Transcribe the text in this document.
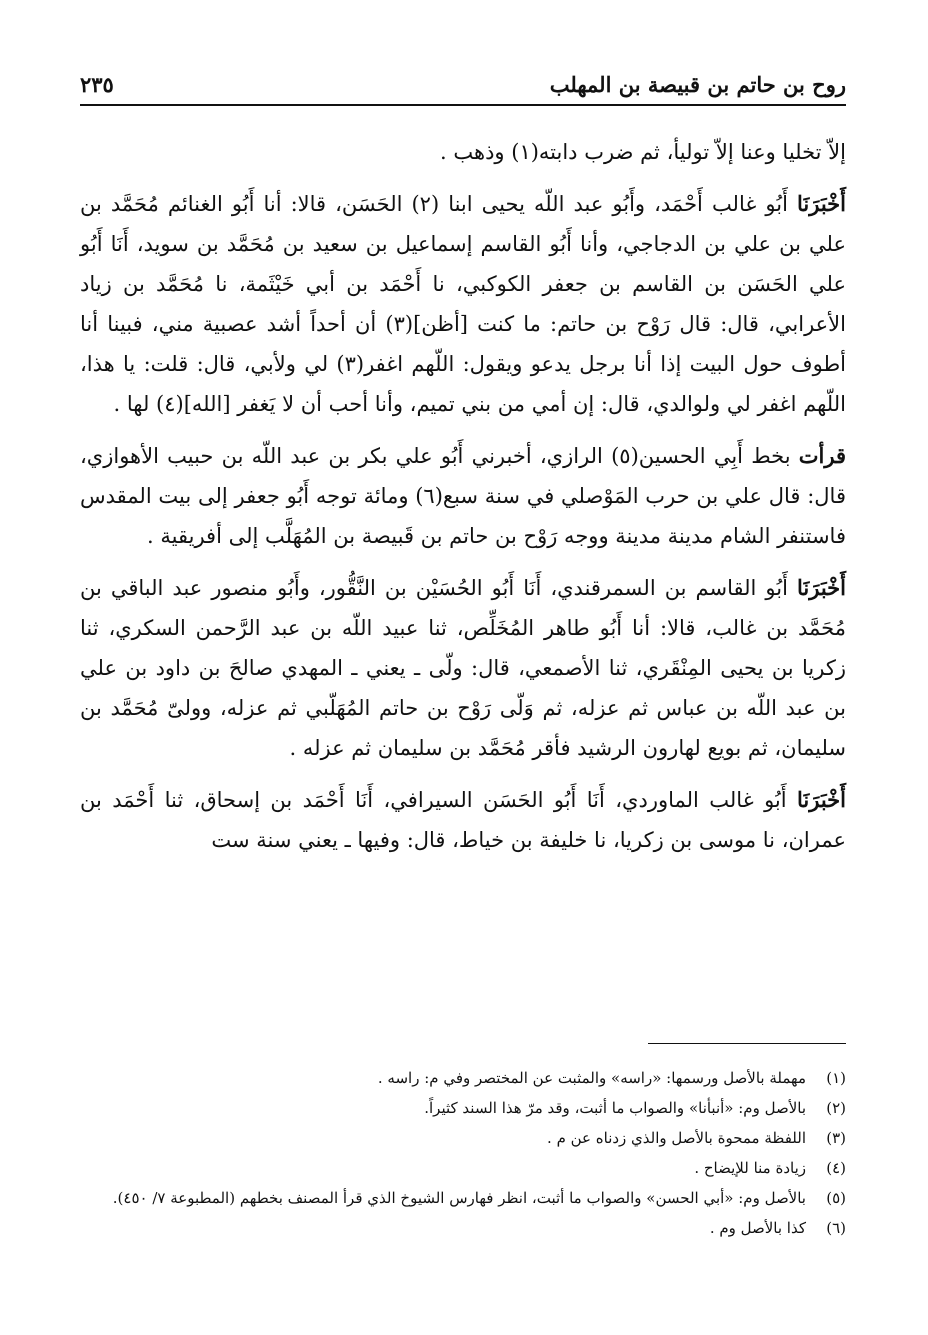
روح بن حاتم بن قبيصة بن المهلب
٢٣٥

إلاّ تخليا وعنا إلاّ توليأ، ثم ضرب دابته(١) وذهب .

أَخْبَرَنَا أَبُو غالب أَحْمَد، وأَبُو عبد اللّه يحيى ابنا (٢) الحَسَن، قالا: أنا أَبُو الغنائم مُحَمَّد بن علي بن علي بن الدجاجي، وأنا أَبُو القاسم إسماعيل بن سعيد بن مُحَمَّد بن سويد، أَنَا أَبُو علي الحَسَن بن القاسم بن جعفر الكوكبي، نا أَحْمَد بن أبي خَيْثَمة، نا مُحَمَّد بن زياد الأعرابي، قال: قال رَوْح بن حاتم: ما كنت [أظن](٣) أن أحداً أشد عصبية مني، فبينا أنا أطوف حول البيت إذا أنا برجل يدعو ويقول: اللّهم اغفر(٣) لي ولأبي، قال: قلت: يا هذا، اللّهم اغفر لي ولوالدي، قال: إن أمي من بني تميم، وأنا أحب أن لا يَغفر [الله](٤) لها .

قرأت بخط أَبِي الحسين(٥) الرازي، أخبرني أَبُو علي بكر بن عبد اللّه بن حبيب الأهوازي، قال: قال علي بن حرب المَوْصلي في سنة سبع(٦) ومائة توجه أَبُو جعفر إلى بيت المقدس فاستنفر الشام مدينة مدينة ووجه رَوْح بن حاتم بن قَبيصة بن المُهَلَّب إلى أفريقية .

أَخْبَرَنَا أَبُو القاسم بن السمرقندي، أَنَا أَبُو الحُسَيْن بن النَّقُّور، وأَبُو منصور عبد الباقي بن مُحَمَّد بن غالب، قالا: أنا أَبُو طاهر المُخَلِّص، ثنا عبيد اللّه بن عبد الرَّحمن السكري، ثنا زكريا بن يحيى المِنْقَري، ثنا الأصمعي، قال: ولّى ـ يعني ـ المهدي صالحَ بن داود بن علي بن عبد اللّه بن عباس ثم عزله، ثم وَلّى رَوْح بن حاتم المُهَلّبي ثم عزله، وولىّ مُحَمَّد بن سليمان، ثم بويع لهارون الرشيد فأقر مُحَمَّد بن سليمان ثم عزله .

أَخْبَرَنَا أَبُو غالب الماوردي، أَنَا أَبُو الحَسَن السيرافي، أَنَا أَحْمَد بن إسحاق، ثنا أَحْمَد بن عمران، نا موسى بن زكريا، نا خليفة بن خياط، قال: وفيها ـ يعني سنة ست

(١)
مهملة بالأصل ورسمها: «راسه» والمثبت عن المختصر وفي م: راسه .
(٢)
بالأصل وم: «أنبأنا» والصواب ما أثبت، وقد مرّ هذا السند كثيراً.
(٣)
اللفظة ممحوة بالأصل والذي زدناه عن م .
(٤)
زيادة منا للإيضاح .
(٥)
بالأصل وم: «أبي الحسن» والصواب ما أثبت، انظر فهارس الشيوخ الذي قرأ المصنف بخطهم (المطبوعة ٧/ ٤٥٠).
(٦)
كذا بالأصل وم .
